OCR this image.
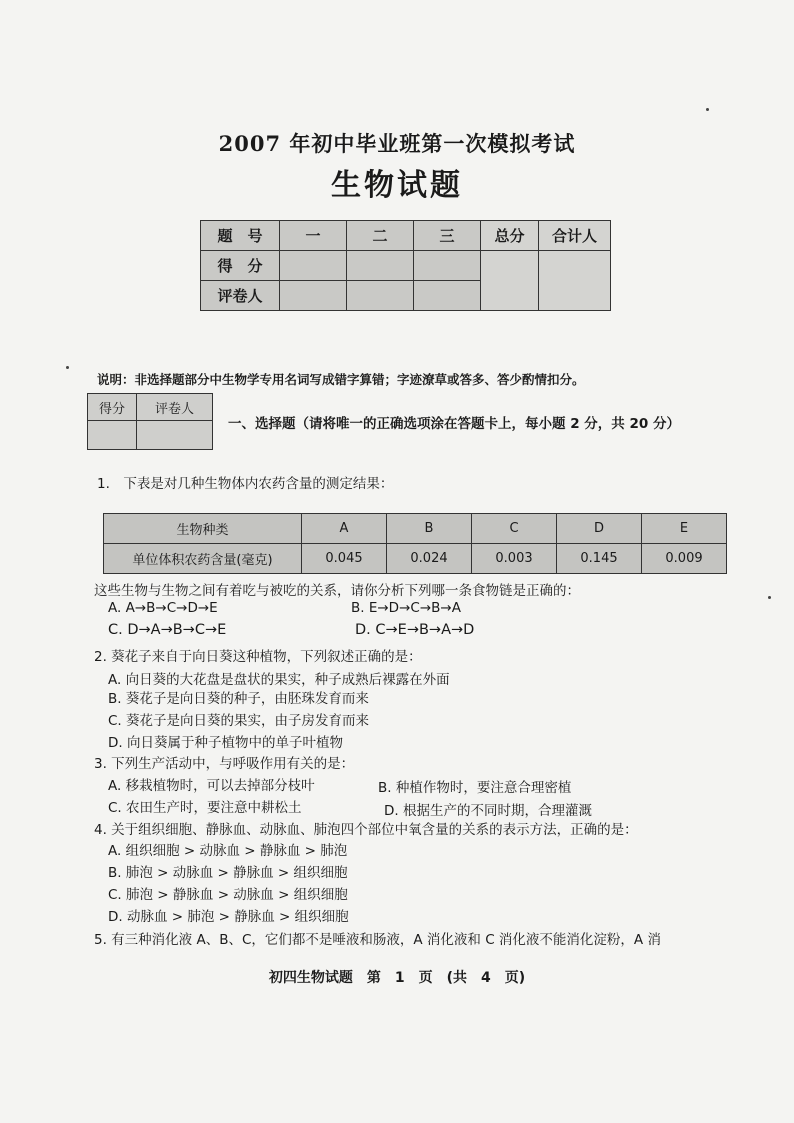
2007 年初中毕业班第一次模拟考试
生物试题
题　号	一	二	三	总分	合计人
得　分					
评卷人					
说明：非选择题部分中生物学专用名词写成错字算错；字迹潦草或答多、答少酌情扣分。
得分	评卷人

一、选择题（请将唯一的正确选项涂在答题卡上，每小题 2 分，共 20 分）
1.　下表是对几种生物体内农药含量的测定结果：
生物种类	A	B	C	D	E
单位体积农药含量(毫克)	0.045	0.024	0.003	0.145	0.009
这些生物与生物之间有着吃与被吃的关系，请你分析下列哪一条食物链是正确的：
A. A→B→C→D→E	B. E→D→C→B→A
C. D→A→B→C→E	D. C→E→B→A→D
2. 葵花子来自于向日葵这种植物，下列叙述正确的是：
A. 向日葵的大花盘是盘状的果实，种子成熟后裸露在外面
B. 葵花子是向日葵的种子，由胚珠发育而来
C. 葵花子是向日葵的果实，由子房发育而来
D. 向日葵属于种子植物中的单子叶植物
3. 下列生产活动中，与呼吸作用有关的是：
A. 移栽植物时，可以去掉部分枝叶	B. 种植作物时，要注意合理密植
C. 农田生产时，要注意中耕松土	D. 根据生产的不同时期，合理灌溉
4. 关于组织细胞、静脉血、动脉血、肺泡四个部位中氧含量的关系的表示方法，正确的是：
A. 组织细胞 > 动脉血 > 静脉血 > 肺泡
B. 肺泡 > 动脉血 > 静脉血 > 组织细胞
C. 肺泡 > 静脉血 > 动脉血 > 组织细胞
D. 动脉血 > 肺泡 > 静脉血 > 组织细胞
5. 有三种消化液 A、B、C，它们都不是唾液和肠液，A 消化液和 C 消化液不能消化淀粉，A 消
初四生物试题　第　1　页　(共　4　页)
